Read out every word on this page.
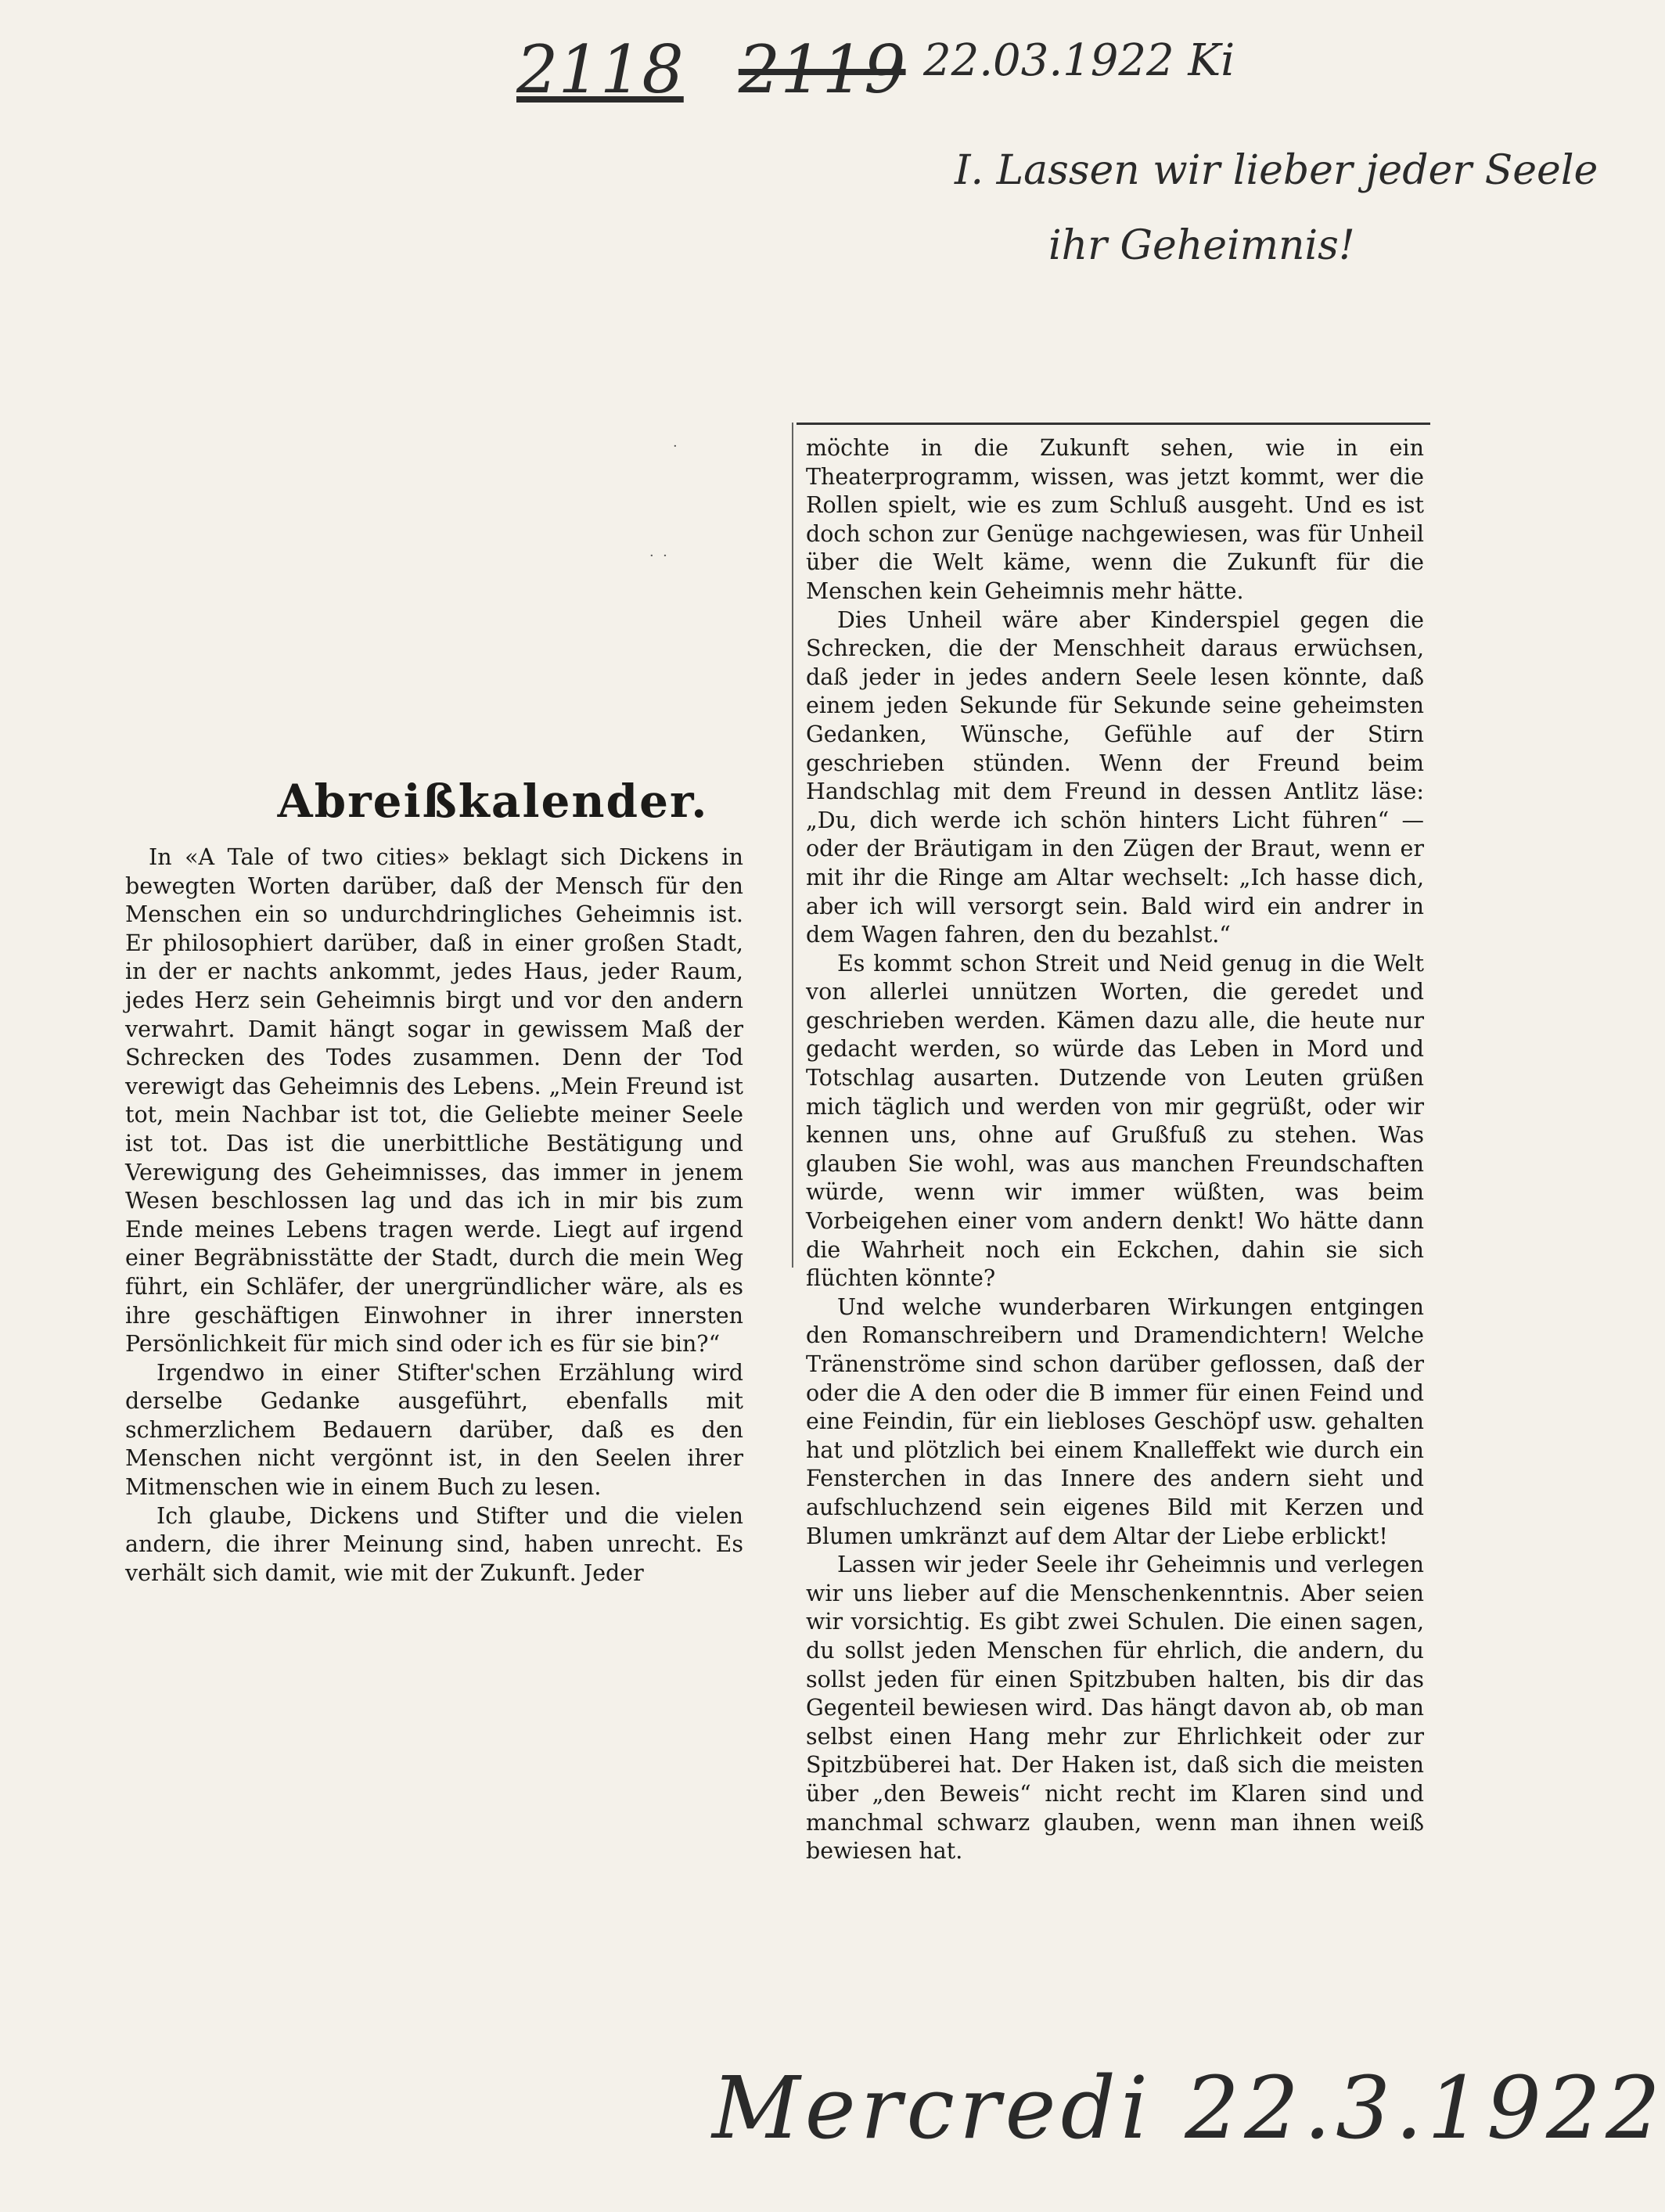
2118 2119 22.03.1922 Ki
I. Lassen wir lieber jeder Seele
ihr Geheimnis!
·  ·
·
Abreißkalender.

In «A Tale of two cities» beklagt sich Dickens in bewegten Worten darüber, daß der Mensch für den Menschen ein so undurchdringliches Geheimnis ist. Er philosophiert darüber, daß in einer großen Stadt, in der er nachts ankommt, jedes Haus, jeder Raum, jedes Herz sein Geheimnis birgt und vor den andern verwahrt. Damit hängt sogar in gewissem Maß der Schrecken des Todes zusammen. Denn der Tod verewigt das Geheimnis des Lebens. „Mein Freund ist tot, mein Nachbar ist tot, die Geliebte meiner Seele ist tot. Das ist die unerbittliche Bestätigung und Verewigung des Geheimnisses, das immer in jenem Wesen beschlossen lag und das ich in mir bis zum Ende meines Lebens tragen werde. Liegt auf irgend einer Begräbnisstätte der Stadt, durch die mein Weg führt, ein Schläfer, der unergründlicher wäre, als es ihre geschäftigen Einwohner in ihrer innersten Persönlichkeit für mich sind oder ich es für sie bin?“

Irgendwo in einer Stifter'schen Erzählung wird derselbe Gedanke ausgeführt, ebenfalls mit schmerzlichem Bedauern darüber, daß es den Menschen nicht vergönnt ist, in den Seelen ihrer Mitmenschen wie in einem Buch zu lesen.

Ich glaube, Dickens und Stifter und die vielen andern, die ihrer Meinung sind, haben unrecht. Es verhält sich damit, wie mit der Zukunft. Jeder

möchte in die Zukunft sehen, wie in ein Theaterprogramm, wissen, was jetzt kommt, wer die Rollen spielt, wie es zum Schluß ausgeht. Und es ist doch schon zur Genüge nachgewiesen, was für Unheil über die Welt käme, wenn die Zukunft für die Menschen kein Geheimnis mehr hätte.

Dies Unheil wäre aber Kinderspiel gegen die Schrecken, die der Menschheit daraus erwüchsen, daß jeder in jedes andern Seele lesen könnte, daß einem jeden Sekunde für Sekunde seine geheimsten Gedanken, Wünsche, Gefühle auf der Stirn geschrieben stünden. Wenn der Freund beim Handschlag mit dem Freund in dessen Antlitz läse: „Du, dich werde ich schön hinters Licht führen“ — oder der Bräutigam in den Zügen der Braut, wenn er mit ihr die Ringe am Altar wechselt: „Ich hasse dich, aber ich will versorgt sein. Bald wird ein andrer in dem Wagen fahren, den du bezahlst.“

Es kommt schon Streit und Neid genug in die Welt von allerlei unnützen Worten, die geredet und geschrieben werden. Kämen dazu alle, die heute nur gedacht werden, so würde das Leben in Mord und Totschlag ausarten. Dutzende von Leuten grüßen mich täglich und werden von mir gegrüßt, oder wir kennen uns, ohne auf Grußfuß zu stehen. Was glauben Sie wohl, was aus manchen Freundschaften würde, wenn wir immer wüßten, was beim Vorbeigehen einer vom andern denkt! Wo hätte dann die Wahrheit noch ein Eckchen, dahin sie sich flüchten könnte?

Und welche wunderbaren Wirkungen entgingen den Romanschreibern und Dramendichtern! Welche Tränenströme sind schon darüber geflossen, daß der oder die A den oder die B immer für einen Feind und eine Feindin, für ein liebloses Geschöpf usw. gehalten hat und plötzlich bei einem Knalleffekt wie durch ein Fensterchen in das Innere des andern sieht und aufschluchzend sein eigenes Bild mit Kerzen und Blumen umkränzt auf dem Altar der Liebe erblickt!

Lassen wir jeder Seele ihr Geheimnis und verlegen wir uns lieber auf die Menschenkenntnis. Aber seien wir vorsichtig. Es gibt zwei Schulen. Die einen sagen, du sollst jeden Menschen für ehrlich, die andern, du sollst jeden für einen Spitzbuben halten, bis dir das Gegenteil bewiesen wird. Das hängt davon ab, ob man selbst einen Hang mehr zur Ehrlichkeit oder zur Spitzbüberei hat. Der Haken ist, daß sich die meisten über „den Beweis“ nicht recht im Klaren sind und manchmal schwarz glauben, wenn man ihnen weiß bewiesen hat.

Mercredi 22.3.1922
